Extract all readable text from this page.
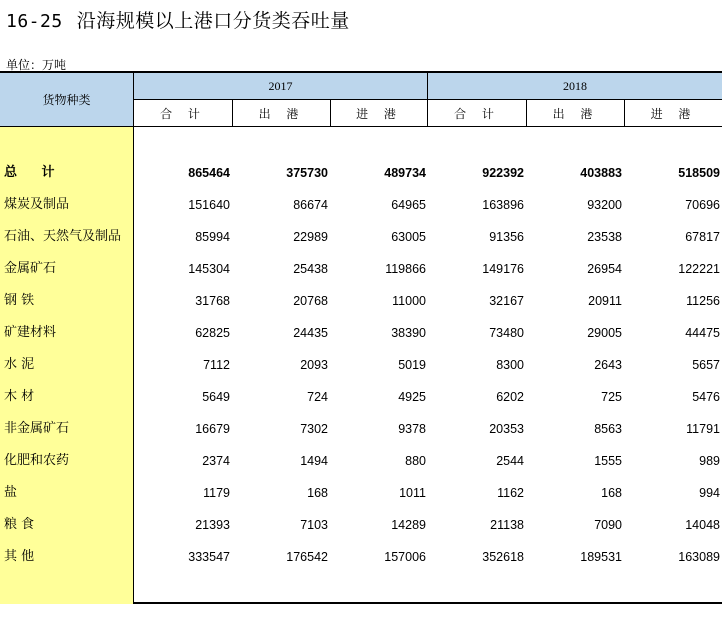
16-25 沿海规模以上港口分货类吞吐量
单位：万吨
货物种类
2017	2018
合 计	出 港	进 港	合 计	出 港	进 港
总 计	865464	375730	489734	922392	403883	518509
煤炭及制品	151640	86674	64965	163896	93200	70696
石油、天然气及制品	85994	22989	63005	91356	23538	67817
金属矿石	145304	25438	119866	149176	26954	122221
钢 铁	31768	20768	11000	32167	20911	11256
矿建材料	62825	24435	38390	73480	29005	44475
水 泥	7112	2093	5019	8300	2643	5657
木 材	5649	724	4925	6202	725	5476
非金属矿石	16679	7302	9378	20353	8563	11791
化肥和农药	2374	1494	880	2544	1555	989
盐	1179	168	1011	1162	168	994
粮 食	21393	7103	14289	21138	7090	14048
其 他	333547	176542	157006	352618	189531	163089
